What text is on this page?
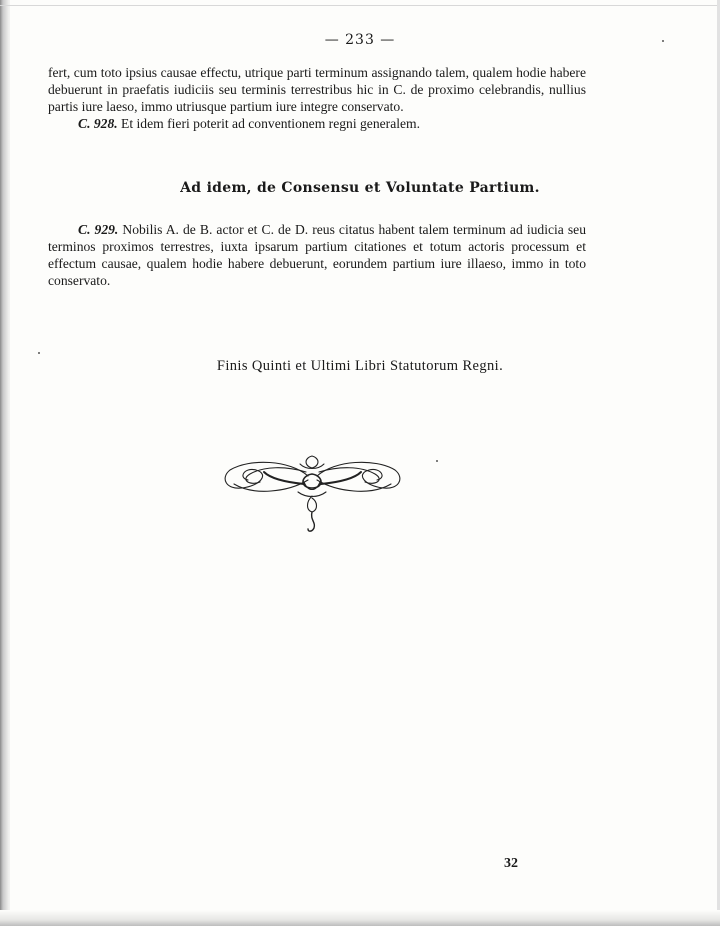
— 233 —

fert, cum toto ipsius causae effectu, utrique parti terminum assignando talem, qualem hodie habere debuerunt in praefatis iudiciis seu terminis terrestribus hic in C. de proximo celebrandis, nullius partis iure laeso, immo utriusque partium iure integre conservato.

C. 928. Et idem fieri poterit ad conventionem regni generalem.

Ad idem, de Consensu et Voluntate Partium.

C. 929. Nobilis A. de B. actor et C. de D. reus citatus habent talem terminum ad iudicia seu terminos proximos terrestres, iuxta ipsarum partium citationes et totum actoris processum et effectum causae, qualem hodie habere debuerunt, eorundem partium iure illaeso, immo in toto conservato.

Finis Quinti et Ultimi Libri Statutorum Regni.
32
